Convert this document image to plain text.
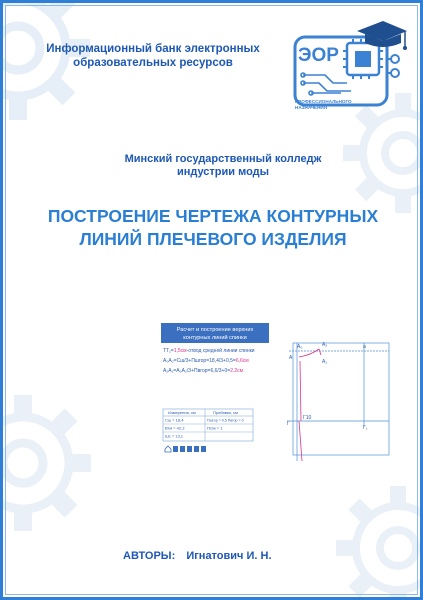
Информационный банк электронных образовательных ресурсов	ЭОР
ПРОФЕССИОНАЛЬНОГО
НАЗНАЧЕНИЯ
Минский государственный колледж индустрии моды
ПОСТРОЕНИЕ ЧЕРТЕЖА КОНТУРНЫХ ЛИНИЙ ПЛЕЧЕВОГО ИЗДЕЛИЯ
Расчет и построение верхних
контурных линий спинки
ТТ₁=1,5см-отвод средней линии спинки
А₀А₂=Сш/3+Пшгор=18,4/3+0,5=6,6см
А₂А₁=А₀А₂/3+Пвгор=6,6/3+0=2,2см
Измерения, см	Прибавки, см
Сш = 18,4	Пшгор = 0,5 Пвгор = 0
Втм = 42,3	Пспк = 1
Шс = 13,1
А₀	А₂	а
А
А₁
Г
Г10
Г₁
АВТОРЫ: Игнатович И. Н.
